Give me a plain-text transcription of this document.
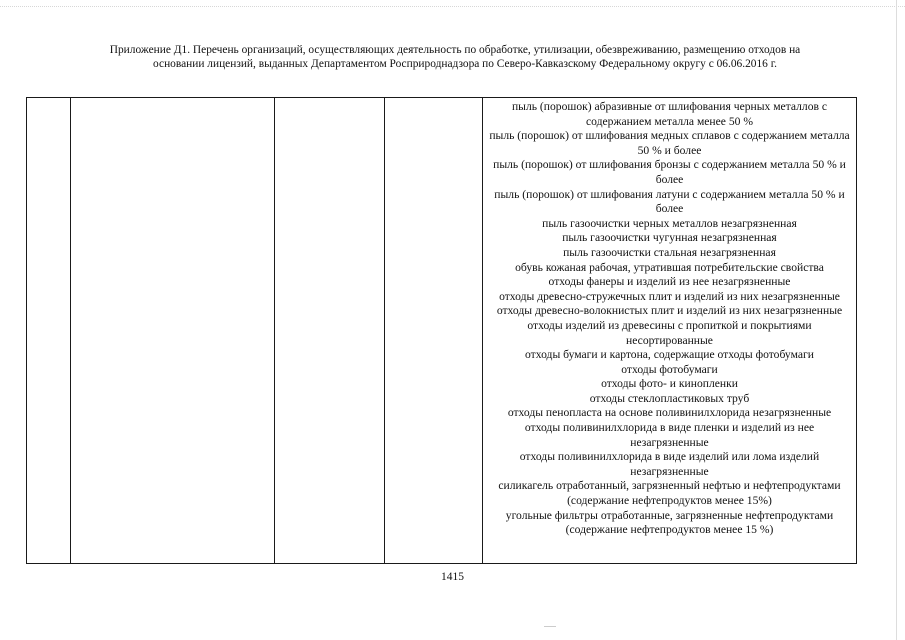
Приложение Д1. Перечень организаций, осуществляющих деятельность по обработке, утилизации, обезвреживанию, размещению отходов на
основании лицензий, выданных Департаментом Росприроднадзора по Северо-Кавказскому Федеральному округу с 06.06.2016 г.

пыль (порошок) абразивные от шлифования черных металлов с содержанием металла менее 50 %
пыль (порошок) от шлифования медных сплавов с содержанием металла 50 % и более
пыль (порошок) от шлифования бронзы с содержанием металла 50 % и более
пыль (порошок) от шлифования латуни с содержанием металла 50 % и более
пыль газоочистки черных металлов незагрязненная
пыль газоочистки чугунная незагрязненная
пыль газоочистки стальная незагрязненная
обувь кожаная рабочая, утратившая потребительские свойства
отходы фанеры и изделий из нее незагрязненные
отходы древесно-стружечных плит и изделий из них незагрязненные
отходы древесно-волокнистых плит и изделий из них незагрязненные
отходы изделий из древесины с пропиткой и покрытиями несортированные
отходы бумаги и картона, содержащие отходы фотобумаги
отходы фотобумаги
отходы фото- и кинопленки
отходы стеклопластиковых труб
отходы пенопласта на основе поливинилхлорида незагрязненные
отходы поливинилхлорида в виде пленки и изделий из нее незагрязненные
отходы поливинилхлорида в виде изделий или лома изделий незагрязненные
силикагель отработанный, загрязненный нефтью и нефтепродуктами (содержание нефтепродуктов менее 15%)
угольные фильтры отработанные, загрязненные нефтепродуктами (содержание нефтепродуктов менее 15 %)
1415
